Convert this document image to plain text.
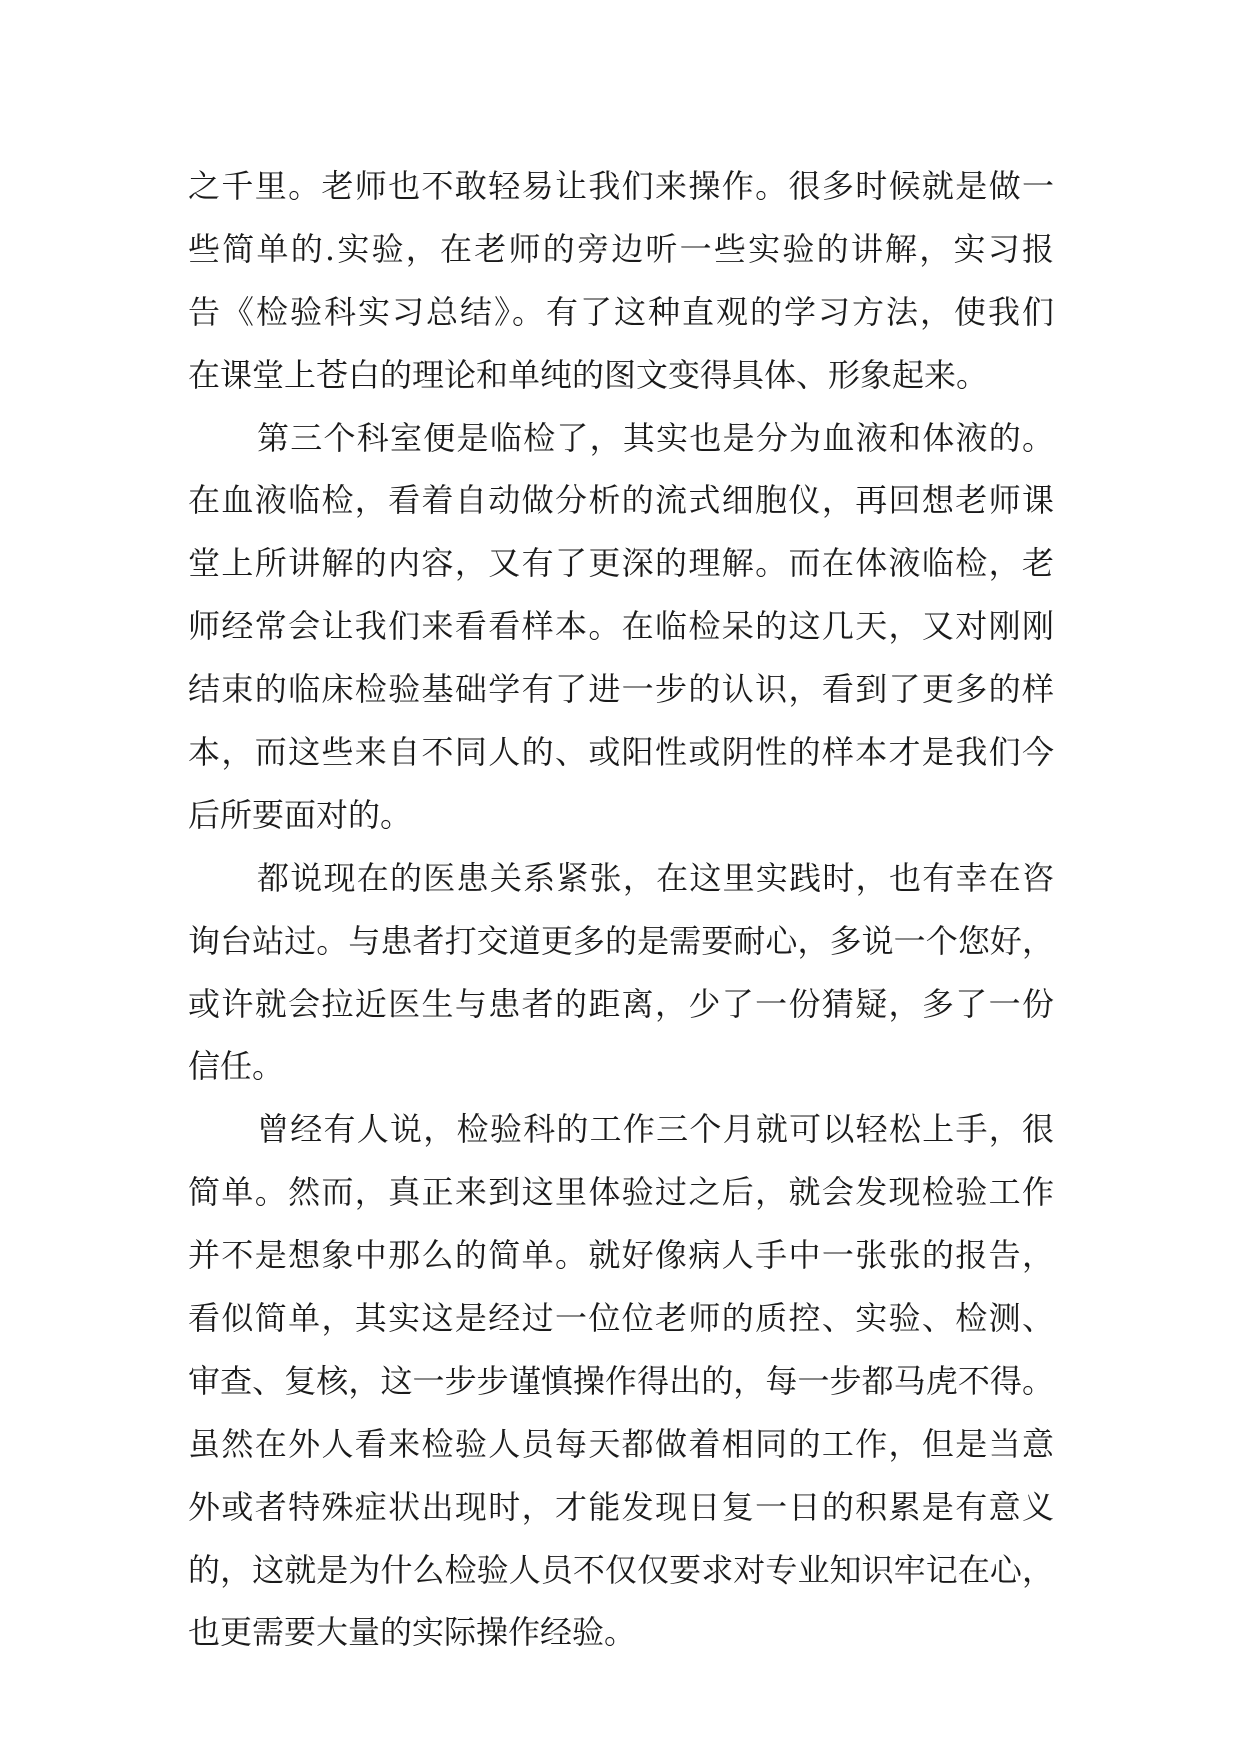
之千里。老师也不敢轻易让我们来操作。很多时候就是做一
些简单的.实验，在老师的旁边听一些实验的讲解，实习报
告《检验科实习总结》。有了这种直观的学习方法，使我们
在课堂上苍白的理论和单纯的图文变得具体、形象起来。
第三个科室便是临检了，其实也是分为血液和体液的。
在血液临检，看着自动做分析的流式细胞仪，再回想老师课
堂上所讲解的内容，又有了更深的理解。而在体液临检，老
师经常会让我们来看看样本。在临检呆的这几天，又对刚刚
结束的临床检验基础学有了进一步的认识，看到了更多的样
本，而这些来自不同人的、或阳性或阴性的样本才是我们今
后所要面对的。
都说现在的医患关系紧张，在这里实践时，也有幸在咨
询台站过。与患者打交道更多的是需要耐心，多说一个您好，
或许就会拉近医生与患者的距离，少了一份猜疑，多了一份
信任。
曾经有人说，检验科的工作三个月就可以轻松上手，很
简单。然而，真正来到这里体验过之后，就会发现检验工作
并不是想象中那么的简单。就好像病人手中一张张的报告，
看似简单，其实这是经过一位位老师的质控、实验、检测、
审查、复核，这一步步谨慎操作得出的，每一步都马虎不得。
虽然在外人看来检验人员每天都做着相同的工作，但是当意
外或者特殊症状出现时，才能发现日复一日的积累是有意义
的，这就是为什么检验人员不仅仅要求对专业知识牢记在心，
也更需要大量的实际操作经验。
